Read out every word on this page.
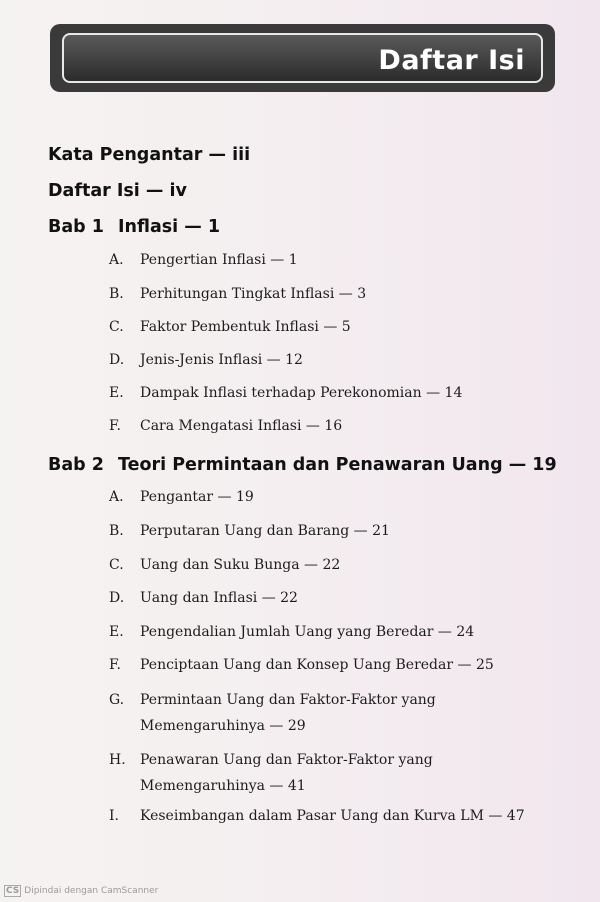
Daftar Isi
Kata Pengantar — iii
Daftar Isi — iv
Bab 1 Inflasi — 1
A.	Pengertian Inflasi — 1
B.	Perhitungan Tingkat Inflasi — 3
C.	Faktor Pembentuk Inflasi — 5
D.	Jenis-Jenis Inflasi — 12
E.	Dampak Inflasi terhadap Perekonomian — 14
F.	Cara Mengatasi Inflasi — 16
Bab 2 Teori Permintaan dan Penawaran Uang — 19
A.	Pengantar — 19
B.	Perputaran Uang dan Barang — 21
C.	Uang dan Suku Bunga — 22
D.	Uang dan Inflasi — 22
E.	Pengendalian Jumlah Uang yang Beredar — 24
F.	Penciptaan Uang dan Konsep Uang Beredar — 25
G.	Permintaan Uang dan Faktor-Faktor yang
Memengaruhinya — 29
H.	Penawaran Uang dan Faktor-Faktor yang
Memengaruhinya — 41
I.	Keseimbangan dalam Pasar Uang dan Kurva LM — 47
CS Dipindai dengan CamScanner
